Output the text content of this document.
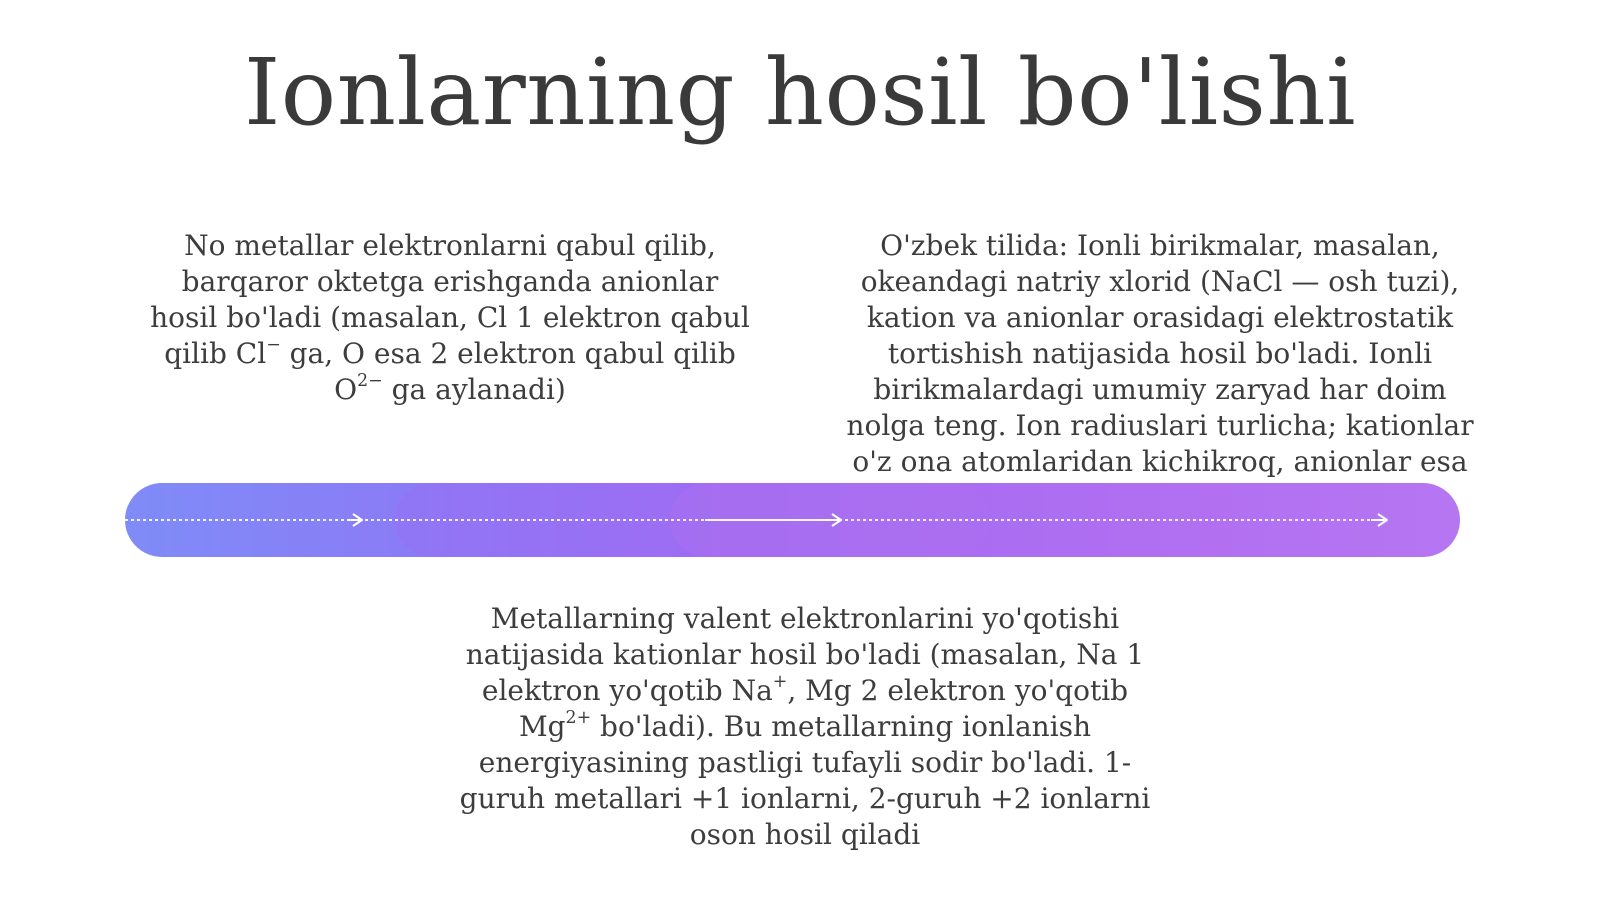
Ionlarning hosil bo'lishi

No metallar elektronlarni qabul qilib, barqaror oktetga erishganda anionlar hosil bo'ladi (masalan, Cl 1 elektron qabul qilib Cl− ga, O esa 2 elektron qabul qilib $O^{2-}$ ga aylanadi)

O'zbek tilida: Ionli birikmalar, masalan, okeandagi natriy xlorid (NaCl — osh tuzi), kation va anionlar orasidagi elektrostatik tortishish natijasida hosil bo'ladi. Ionli birikmalardagi umumiy zaryad har doim nolga teng. Ion radiuslari turlicha; kationlar o'z ona atomlaridan kichikroq, anionlar esa

Metallarning valent elektronlarini yo'qotishi natijasida kationlar hosil bo'ladi (masalan, Na 1 elektron yo'qotib Na+, Mg 2 elektron yo'qotib $Mg^{2+}$ bo'ladi). Bu metallarning ionlanish energiyasining pastligi tufayli sodir bo'ladi. 1-guruh metallari +1 ionlarni, 2-guruh +2 ionlarni oson hosil qiladi
